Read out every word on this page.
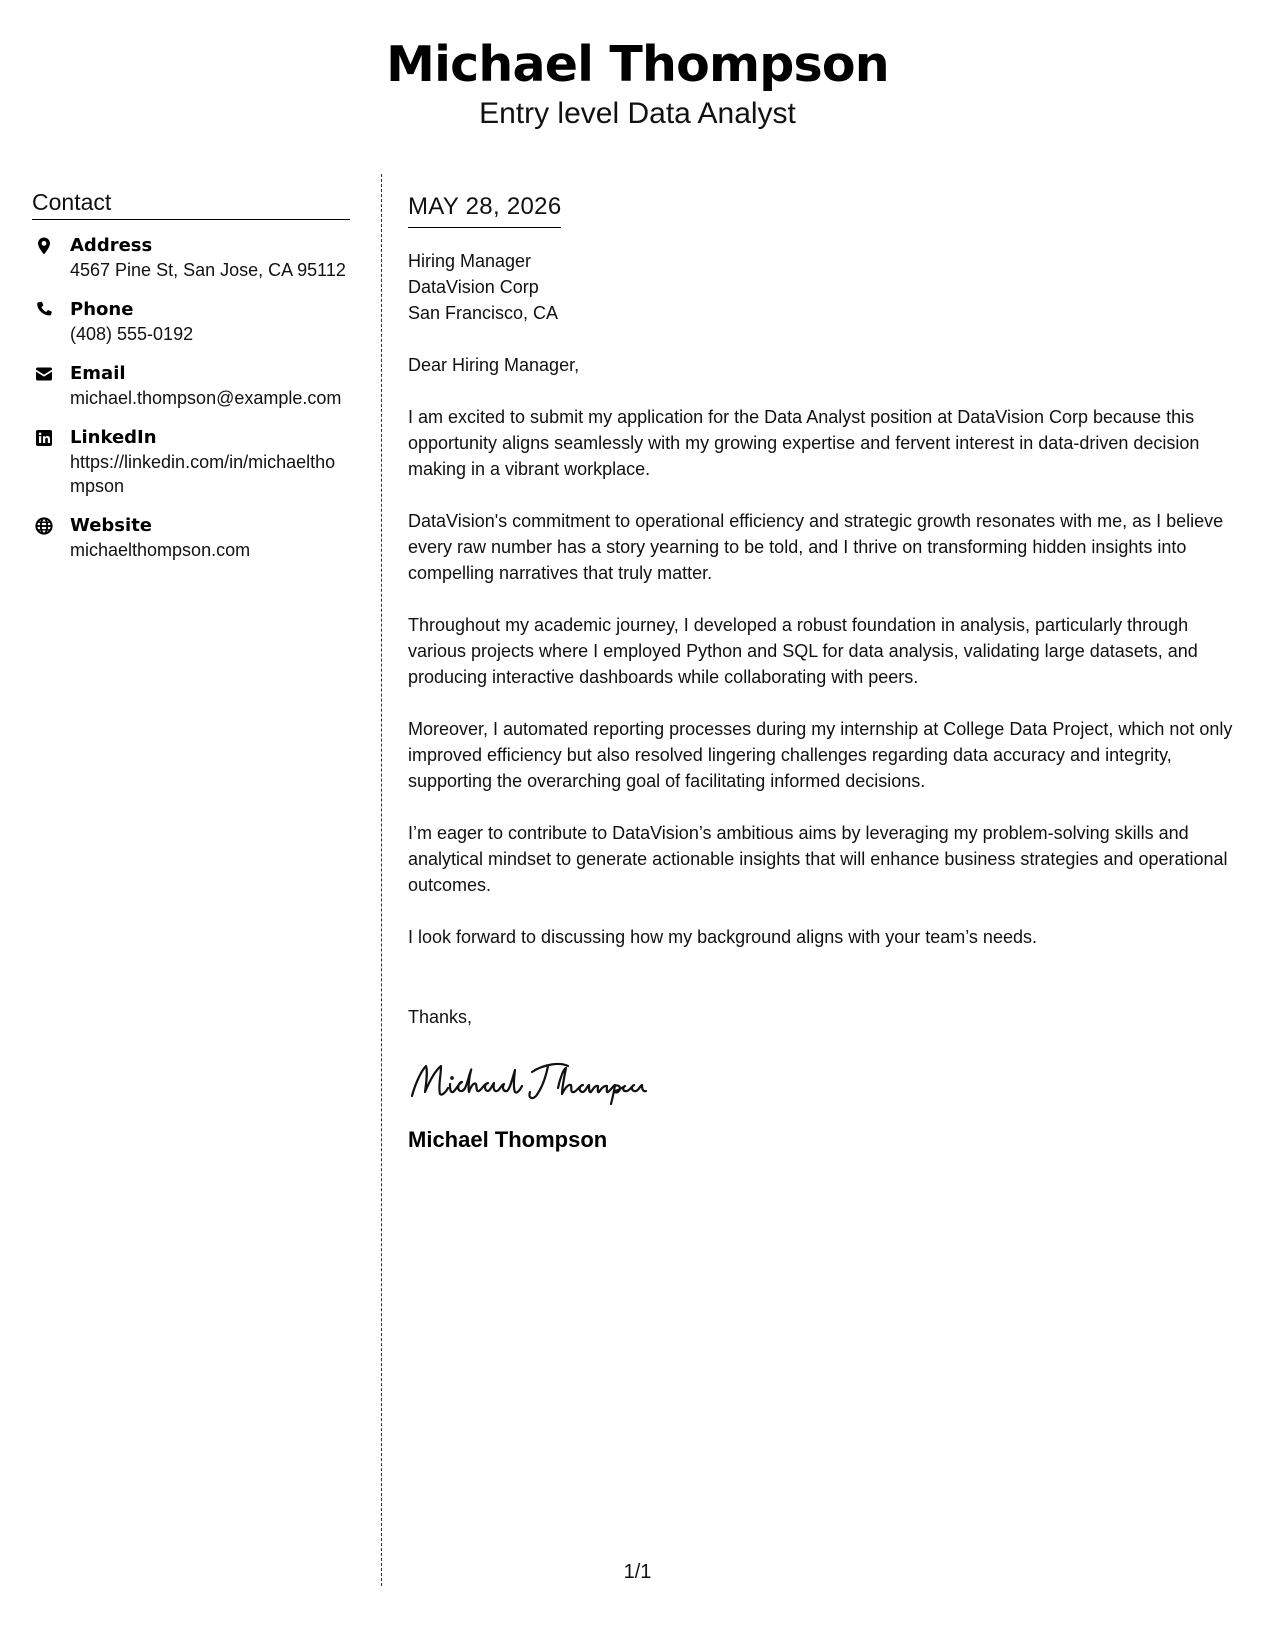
Michael Thompson
Entry level Data Analyst
Contact
Address
4567 Pine St, San Jose, CA 95112
Phone
(408) 555-0192
Email
michael.thompson@example.com
LinkedIn
https://linkedin.com/in/michaelthompson
Website
michaelthompson.com
MAY 28, 2026
Hiring Manager
DataVision Corp
San Francisco, CA
Dear Hiring Manager,

I am excited to submit my application for the Data Analyst position at DataVision Corp because this opportunity aligns seamlessly with my growing expertise and fervent interest in data-driven decision making in a vibrant workplace.

DataVision's commitment to operational efficiency and strategic growth resonates with me, as I believe every raw number has a story yearning to be told, and I thrive on transforming hidden insights into compelling narratives that truly matter.

Throughout my academic journey, I developed a robust foundation in analysis, particularly through various projects where I employed Python and SQL for data analysis, validating large datasets, and producing interactive dashboards while collaborating with peers.

Moreover, I automated reporting processes during my internship at College Data Project, which not only improved efficiency but also resolved lingering challenges regarding data accuracy and integrity, supporting the overarching goal of facilitating informed decisions.

I’m eager to contribute to DataVision’s ambitious aims by leveraging my problem-solving skills and analytical mindset to generate actionable insights that will enhance business strategies and operational outcomes.

I look forward to discussing how my background aligns with your team’s needs.

Thanks,
Michael Thompson
1/1
